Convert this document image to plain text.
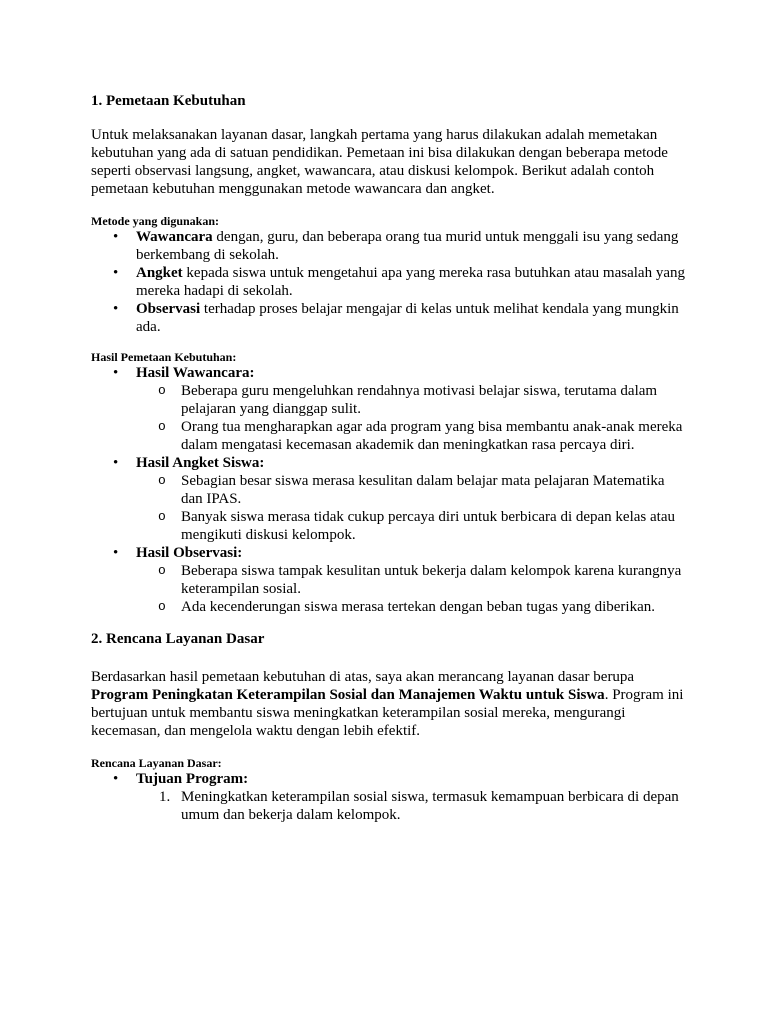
1. Pemetaan Kebutuhan

Untuk melaksanakan layanan dasar, langkah pertama yang harus dilakukan adalah memetakan kebutuhan yang ada di satuan pendidikan. Pemetaan ini bisa dilakukan dengan beberapa metode seperti observasi langsung, angket, wawancara, atau diskusi kelompok. Berikut adalah contoh pemetaan kebutuhan menggunakan metode wawancara dan angket.

Metode yang digunakan:
• Wawancara dengan, guru, dan beberapa orang tua murid untuk menggali isu yang sedang berkembang di sekolah.
• Angket kepada siswa untuk mengetahui apa yang mereka rasa butuhkan atau masalah yang mereka hadapi di sekolah.
• Observasi terhadap proses belajar mengajar di kelas untuk melihat kendala yang mungkin ada.
Hasil Pemetaan Kebutuhan:
• Hasil Wawancara:
o Beberapa guru mengeluhkan rendahnya motivasi belajar siswa, terutama dalam pelajaran yang dianggap sulit.
o Orang tua mengharapkan agar ada program yang bisa membantu anak-anak mereka dalam mengatasi kecemasan akademik dan meningkatkan rasa percaya diri.
• Hasil Angket Siswa:
o Sebagian besar siswa merasa kesulitan dalam belajar mata pelajaran Matematika dan IPAS.
o Banyak siswa merasa tidak cukup percaya diri untuk berbicara di depan kelas atau mengikuti diskusi kelompok.
• Hasil Observasi:
o Beberapa siswa tampak kesulitan untuk bekerja dalam kelompok karena kurangnya keterampilan sosial.
o Ada kecenderungan siswa merasa tertekan dengan beban tugas yang diberikan.
2. Rencana Layanan Dasar

Berdasarkan hasil pemetaan kebutuhan di atas, saya akan merancang layanan dasar berupa Program Peningkatan Keterampilan Sosial dan Manajemen Waktu untuk Siswa. Program ini bertujuan untuk membantu siswa meningkatkan keterampilan sosial mereka, mengurangi kecemasan, dan mengelola waktu dengan lebih efektif.

Rencana Layanan Dasar:
• Tujuan Program:
1. Meningkatkan keterampilan sosial siswa, termasuk kemampuan berbicara di depan umum dan bekerja dalam kelompok.
